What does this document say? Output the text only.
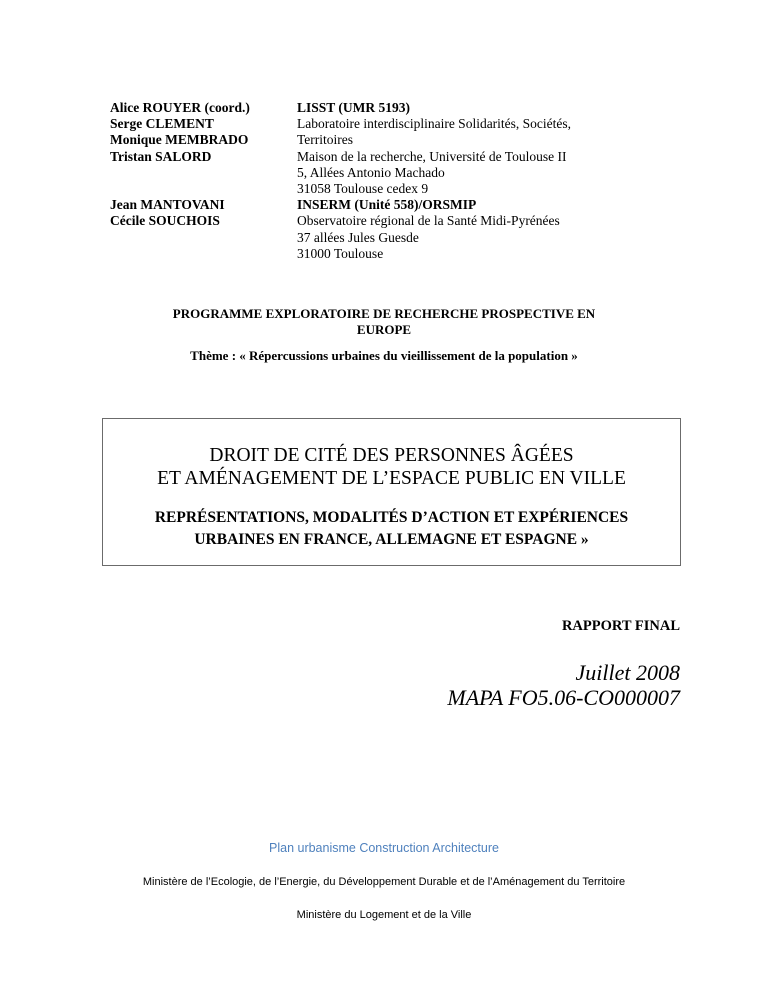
Alice ROUYER (coord.)
Serge CLEMENT
Monique MEMBRADO
Tristan SALORD
Jean MANTOVANI
Cécile SOUCHOIS
LISST (UMR 5193)
Laboratoire interdisciplinaire Solidarités, Sociétés,
Territoires
Maison de la recherche, Université de Toulouse II
5, Allées Antonio Machado
31058 Toulouse cedex 9
INSERM (Unité 558)/ORSMIP
Observatoire régional de la Santé Midi-Pyrénées
37 allées Jules Guesde
31000 Toulouse
PROGRAMME EXPLORATOIRE DE RECHERCHE PROSPECTIVE EN
EUROPE
Thème : « Répercussions urbaines du vieillissement de la population »
DROIT DE CITÉ DES PERSONNES ÂGÉES
ET AMÉNAGEMENT DE L’ESPACE PUBLIC EN VILLE
REPRÉSENTATIONS, MODALITÉS D’ACTION ET EXPÉRIENCES
URBAINES EN FRANCE, ALLEMAGNE ET ESPAGNE »
RAPPORT FINAL
Juillet 2008
MAPA FO5.06-CO000007
Plan urbanisme Construction Architecture
Ministère de l’Ecologie, de l’Energie, du Développement Durable et de l’Aménagement du Territoire
Ministère du Logement et de la Ville
